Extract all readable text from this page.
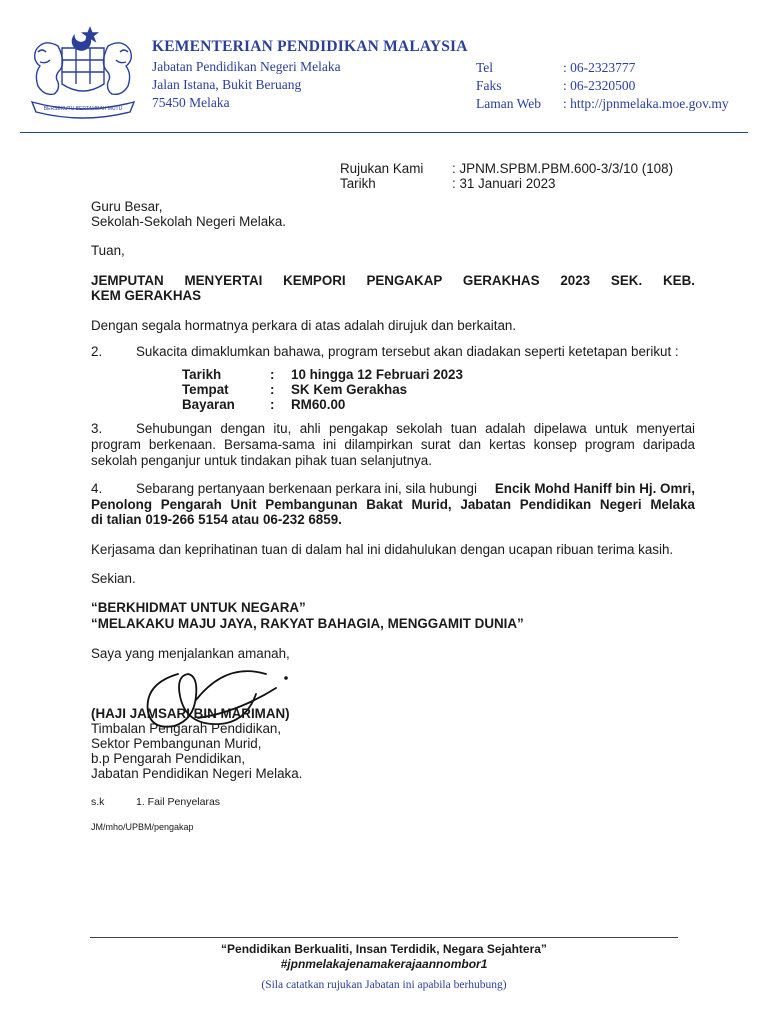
BERSEKUTU BERTAMBAH MUTU
KEMENTERIAN PENDIDIKAN MALAYSIA
Jabatan Pendidikan Negeri Melaka
Jalan Istana, Bukit Beruang
75450 Melaka
Tel	: 06-2323777
Faks	: 06-2320500
Laman Web : http://jpnmelaka.moe.gov.my
Rujukan Kami : JPNM.SPBM.PBM.600-3/3/10 (108)
Tarikh	: 31 Januari 2023
Guru Besar,
Sekolah-Sekolah Negeri Melaka.
Tuan,
JEMPUTAN MENYERTAI KEMPORI PENGAKAP GERAKHAS 2023 SEK. KEB.
KEM GERAKHAS
Dengan segala hormatnya perkara di atas adalah dirujuk dan berkaitan.
2.	Sukacita dimaklumkan bahawa, program tersebut akan diadakan seperti ketetapan berikut :
Tarikh	: 10 hingga 12 Februari 2023
Tempat	: SK Kem Gerakhas
Bayaran	: RM60.00
3.	Sehubungan dengan itu, ahli pengakap sekolah tuan adalah dipelawa untuk menyertai
program berkenaan. Bersama-sama ini dilampirkan surat dan kertas konsep program daripada
sekolah penganjur untuk tindakan pihak tuan selanjutnya.
4.	Sebarang pertanyaan berkenaan perkara ini, sila hubungi Encik Mohd Haniff bin Hj. Omri,
Penolong Pengarah Unit Pembangunan Bakat Murid, Jabatan Pendidikan Negeri Melaka
di talian 019-266 5154 atau 06-232 6859.
Kerjasama dan keprihatinan tuan di dalam hal ini didahulukan dengan ucapan ribuan terima kasih.
Sekian.
“BERKHIDMAT UNTUK NEGARA”
“MELAKAKU MAJU JAYA, RAKYAT BAHAGIA, MENGGAMIT DUNIA”
Saya yang menjalankan amanah,
(HAJI JAMSARI BIN MARIMAN)
Timbalan Pengarah Pendidikan,
Sektor Pembangunan Murid,
b.p Pengarah Pendidikan,
Jabatan Pendidikan Negeri Melaka.
s.k	1. Fail Penyelaras
JM/mho/UPBM/pengakap
“Pendidikan Berkualiti, Insan Terdidik, Negara Sejahtera”
#jpnmelakajenamakerajaannombor1
(Sila catatkan rujukan Jabatan ini apabila berhubung)
